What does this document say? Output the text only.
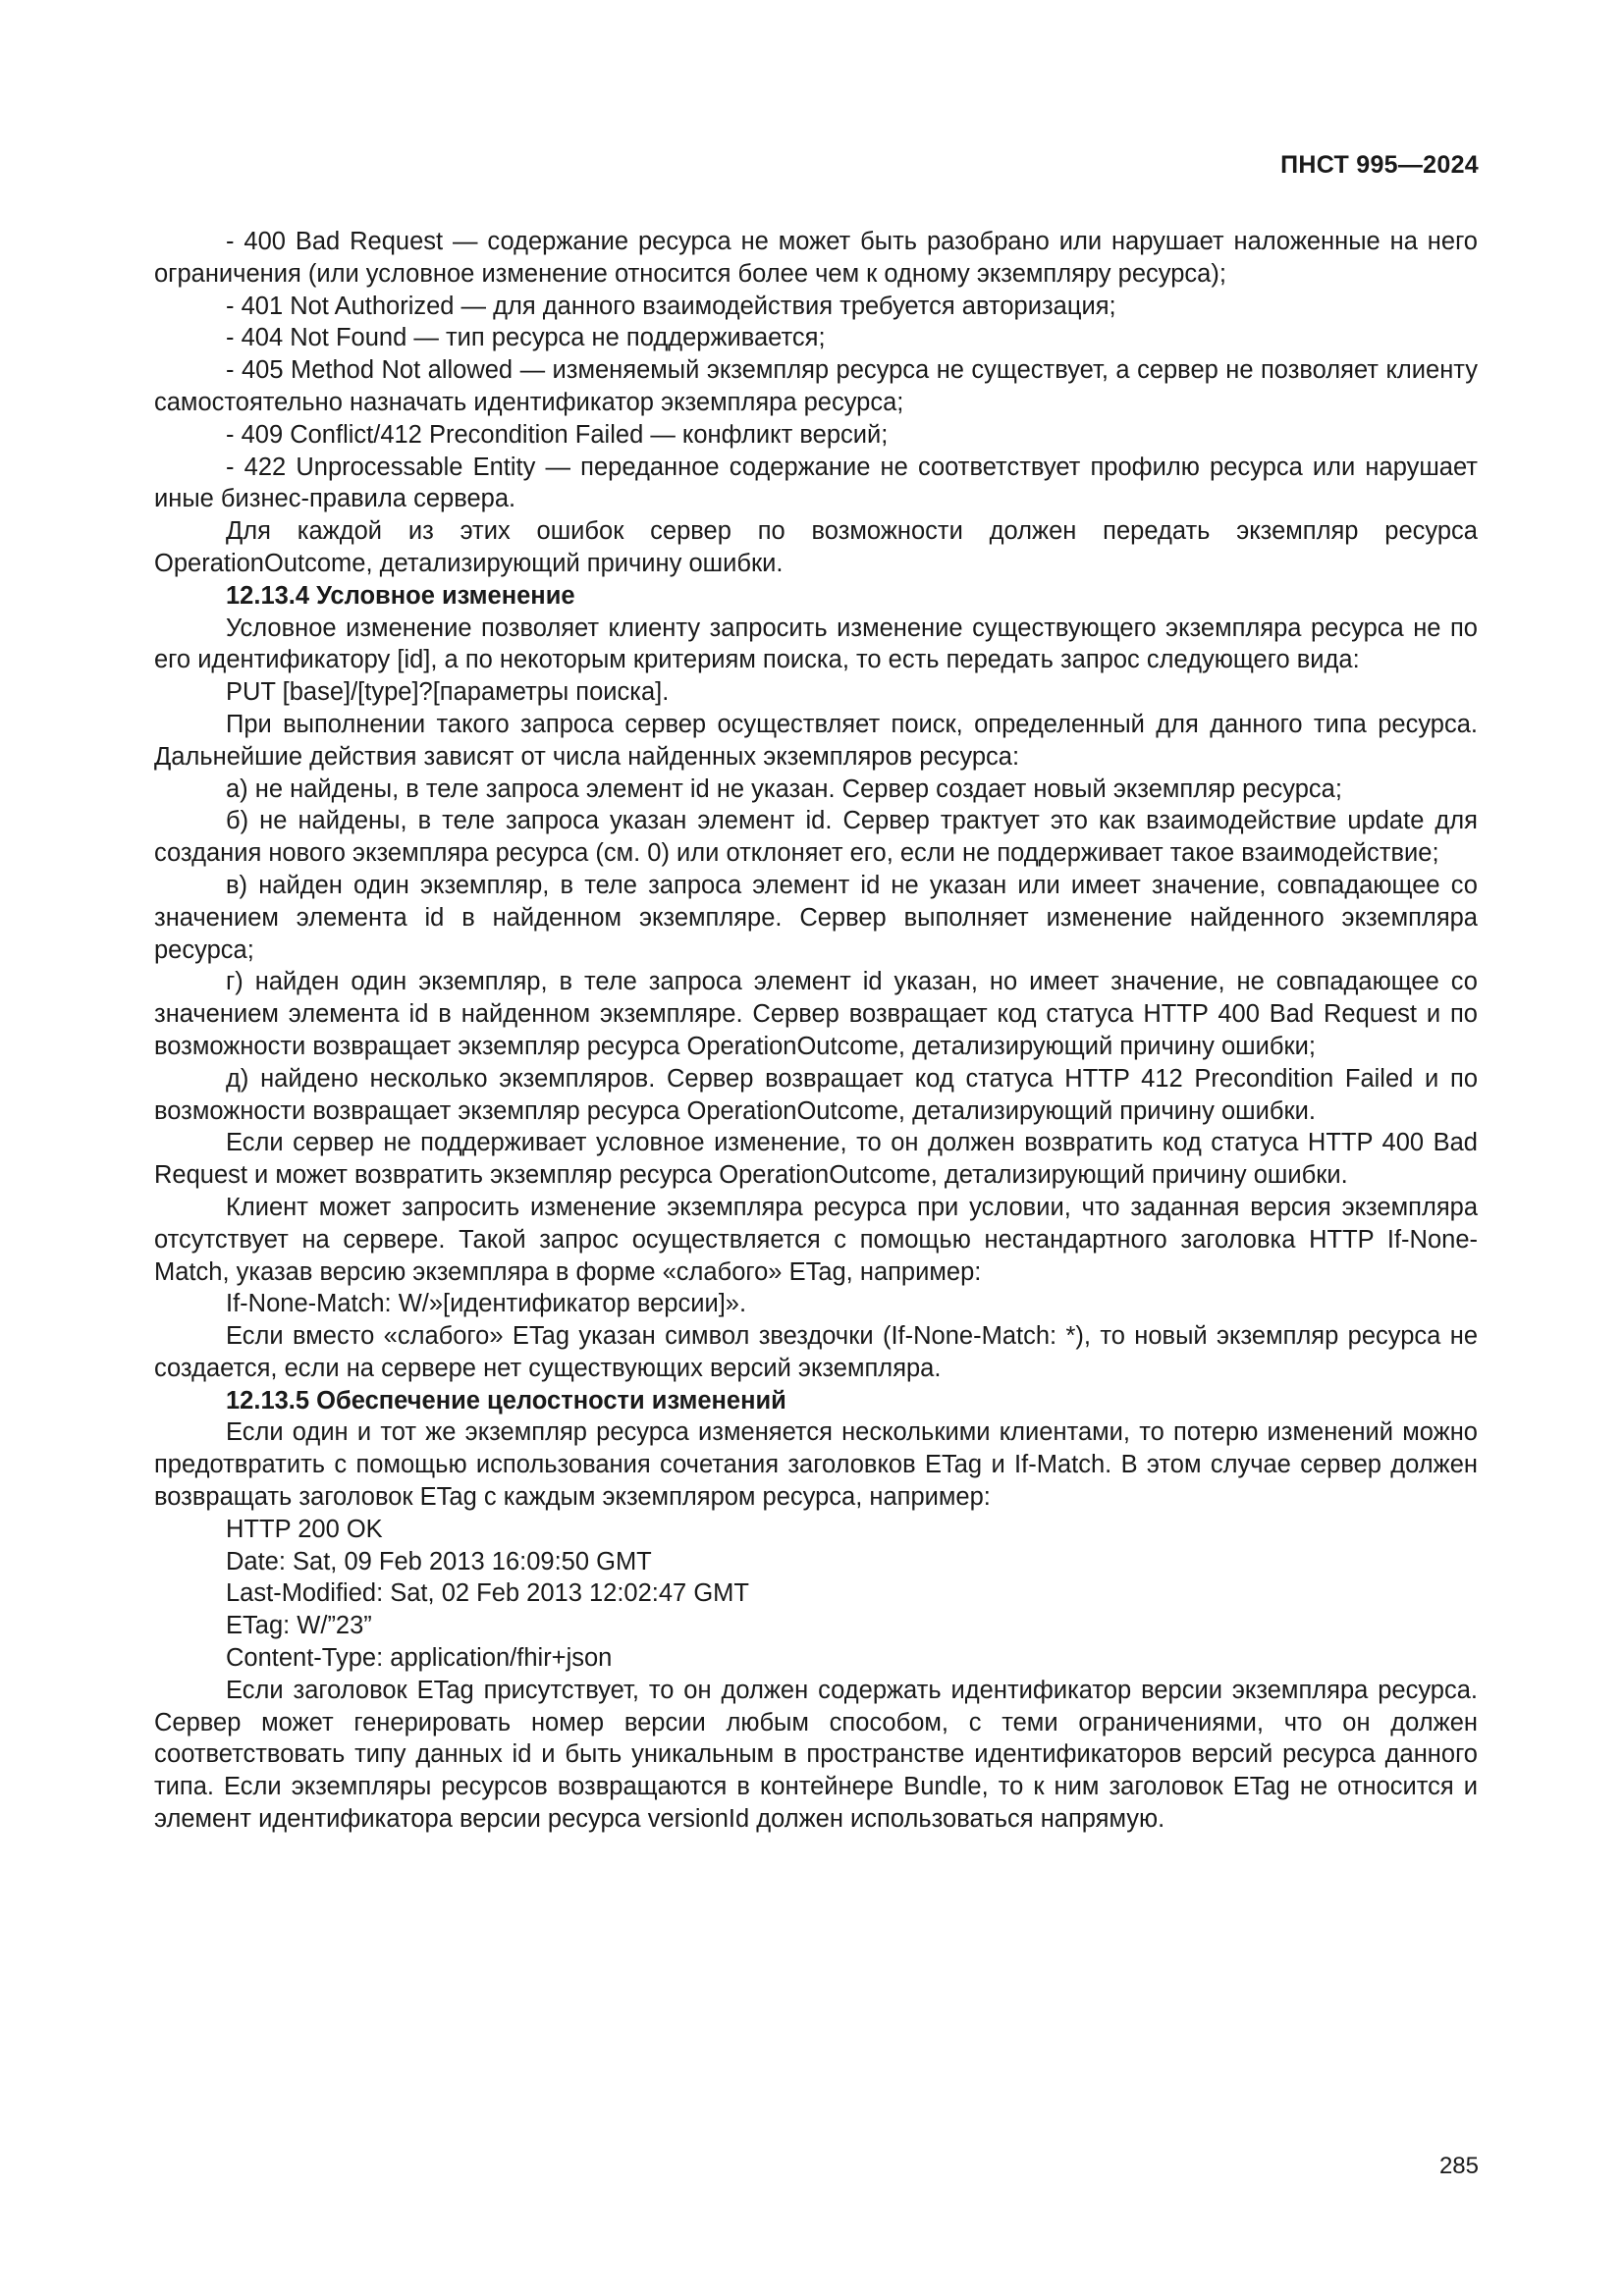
ПНСТ 995—2024

- 400 Bad Request — содержание ресурса не может быть разобрано или нарушает наложенные на него ограничения (или условное изменение относится более чем к одному экземпляру ресурса);

- 401 Not Authorized — для данного взаимодействия требуется авторизация;

- 404 Not Found — тип ресурса не поддерживается;

- 405 Method Not allowed — изменяемый экземпляр ресурса не существует, а сервер не позволяет клиенту самостоятельно назначать идентификатор экземпляра ресурса;

- 409 Conflict/412 Precondition Failed — конфликт версий;

- 422 Unprocessable Entity — переданное содержание не соответствует профилю ресурса или нарушает иные бизнес-правила сервера.

Для каждой из этих ошибок сервер по возможности должен передать экземпляр ресурса OperationOutcome, детализирующий причину ошибки.

12.13.4 Условное изменение

Условное изменение позволяет клиенту запросить изменение существующего экземпляра ресурса не по его идентификатору [id], а по некоторым критериям поиска, то есть передать запрос следующего вида:

PUT [base]/[type]?[параметры поиска].

При выполнении такого запроса сервер осуществляет поиск, определенный для данного типа ресурса. Дальнейшие действия зависят от числа найденных экземпляров ресурса:

а) не найдены, в теле запроса элемент id не указан. Сервер создает новый экземпляр ресурса;

б) не найдены, в теле запроса указан элемент id. Сервер трактует это как взаимодействие update для создания нового экземпляра ресурса (см. 0) или отклоняет его, если не поддерживает такое взаимодействие;

в) найден один экземпляр, в теле запроса элемент id не указан или имеет значение, совпадающее со значением элемента id в найденном экземпляре. Сервер выполняет изменение найденного экземпляра ресурса;

г) найден один экземпляр, в теле запроса элемент id указан, но имеет значение, не совпадающее со значением элемента id в найденном экземпляре. Сервер возвращает код статуса HTTP 400 Bad Request и по возможности возвращает экземпляр ресурса OperationOutcome, детализирующий причину ошибки;

д) найдено несколько экземпляров. Сервер возвращает код статуса HTTP 412 Precondition Failed и по возможности возвращает экземпляр ресурса OperationOutcome, детализирующий причину ошибки.

Если сервер не поддерживает условное изменение, то он должен возвратить код статуса HTTP 400 Bad Request и может возвратить экземпляр ресурса OperationOutcome, детализирующий причину ошибки.

Клиент может запросить изменение экземпляра ресурса при условии, что заданная версия экземпляра отсутствует на сервере. Такой запрос осуществляется с помощью нестандартного заголовка HTTP If-None-Match, указав версию экземпляра в форме «слабого» ETag, например:

If-None-Match: W/»[идентификатор версии]».

Если вместо «слабого» ETag указан символ звездочки (If-None-Match: *), то новый экземпляр ресурса не создается, если на сервере нет существующих версий экземпляра.

12.13.5 Обеспечение целостности изменений

Если один и тот же экземпляр ресурса изменяется несколькими клиентами, то потерю изменений можно предотвратить с помощью использования сочетания заголовков ETag и If-Match. В этом случае сервер должен возвращать заголовок ETag с каждым экземпляром ресурса, например:

HTTP 200 OK

Date: Sat, 09 Feb 2013 16:09:50 GMT

Last-Modified: Sat, 02 Feb 2013 12:02:47 GMT

ETag: W/”23”

Content-Type: application/fhir+json

Если заголовок ETag присутствует, то он должен содержать идентификатор версии экземпляра ресурса. Сервер может генерировать номер версии любым способом, с теми ограничениями, что он должен соответствовать типу данных id и быть уникальным в пространстве идентификаторов версий ресурса данного типа. Если экземпляры ресурсов возвращаются в контейнере Bundle, то к ним заголовок ETag не относится и элемент идентификатора версии ресурса versionId должен использоваться напрямую.

285
